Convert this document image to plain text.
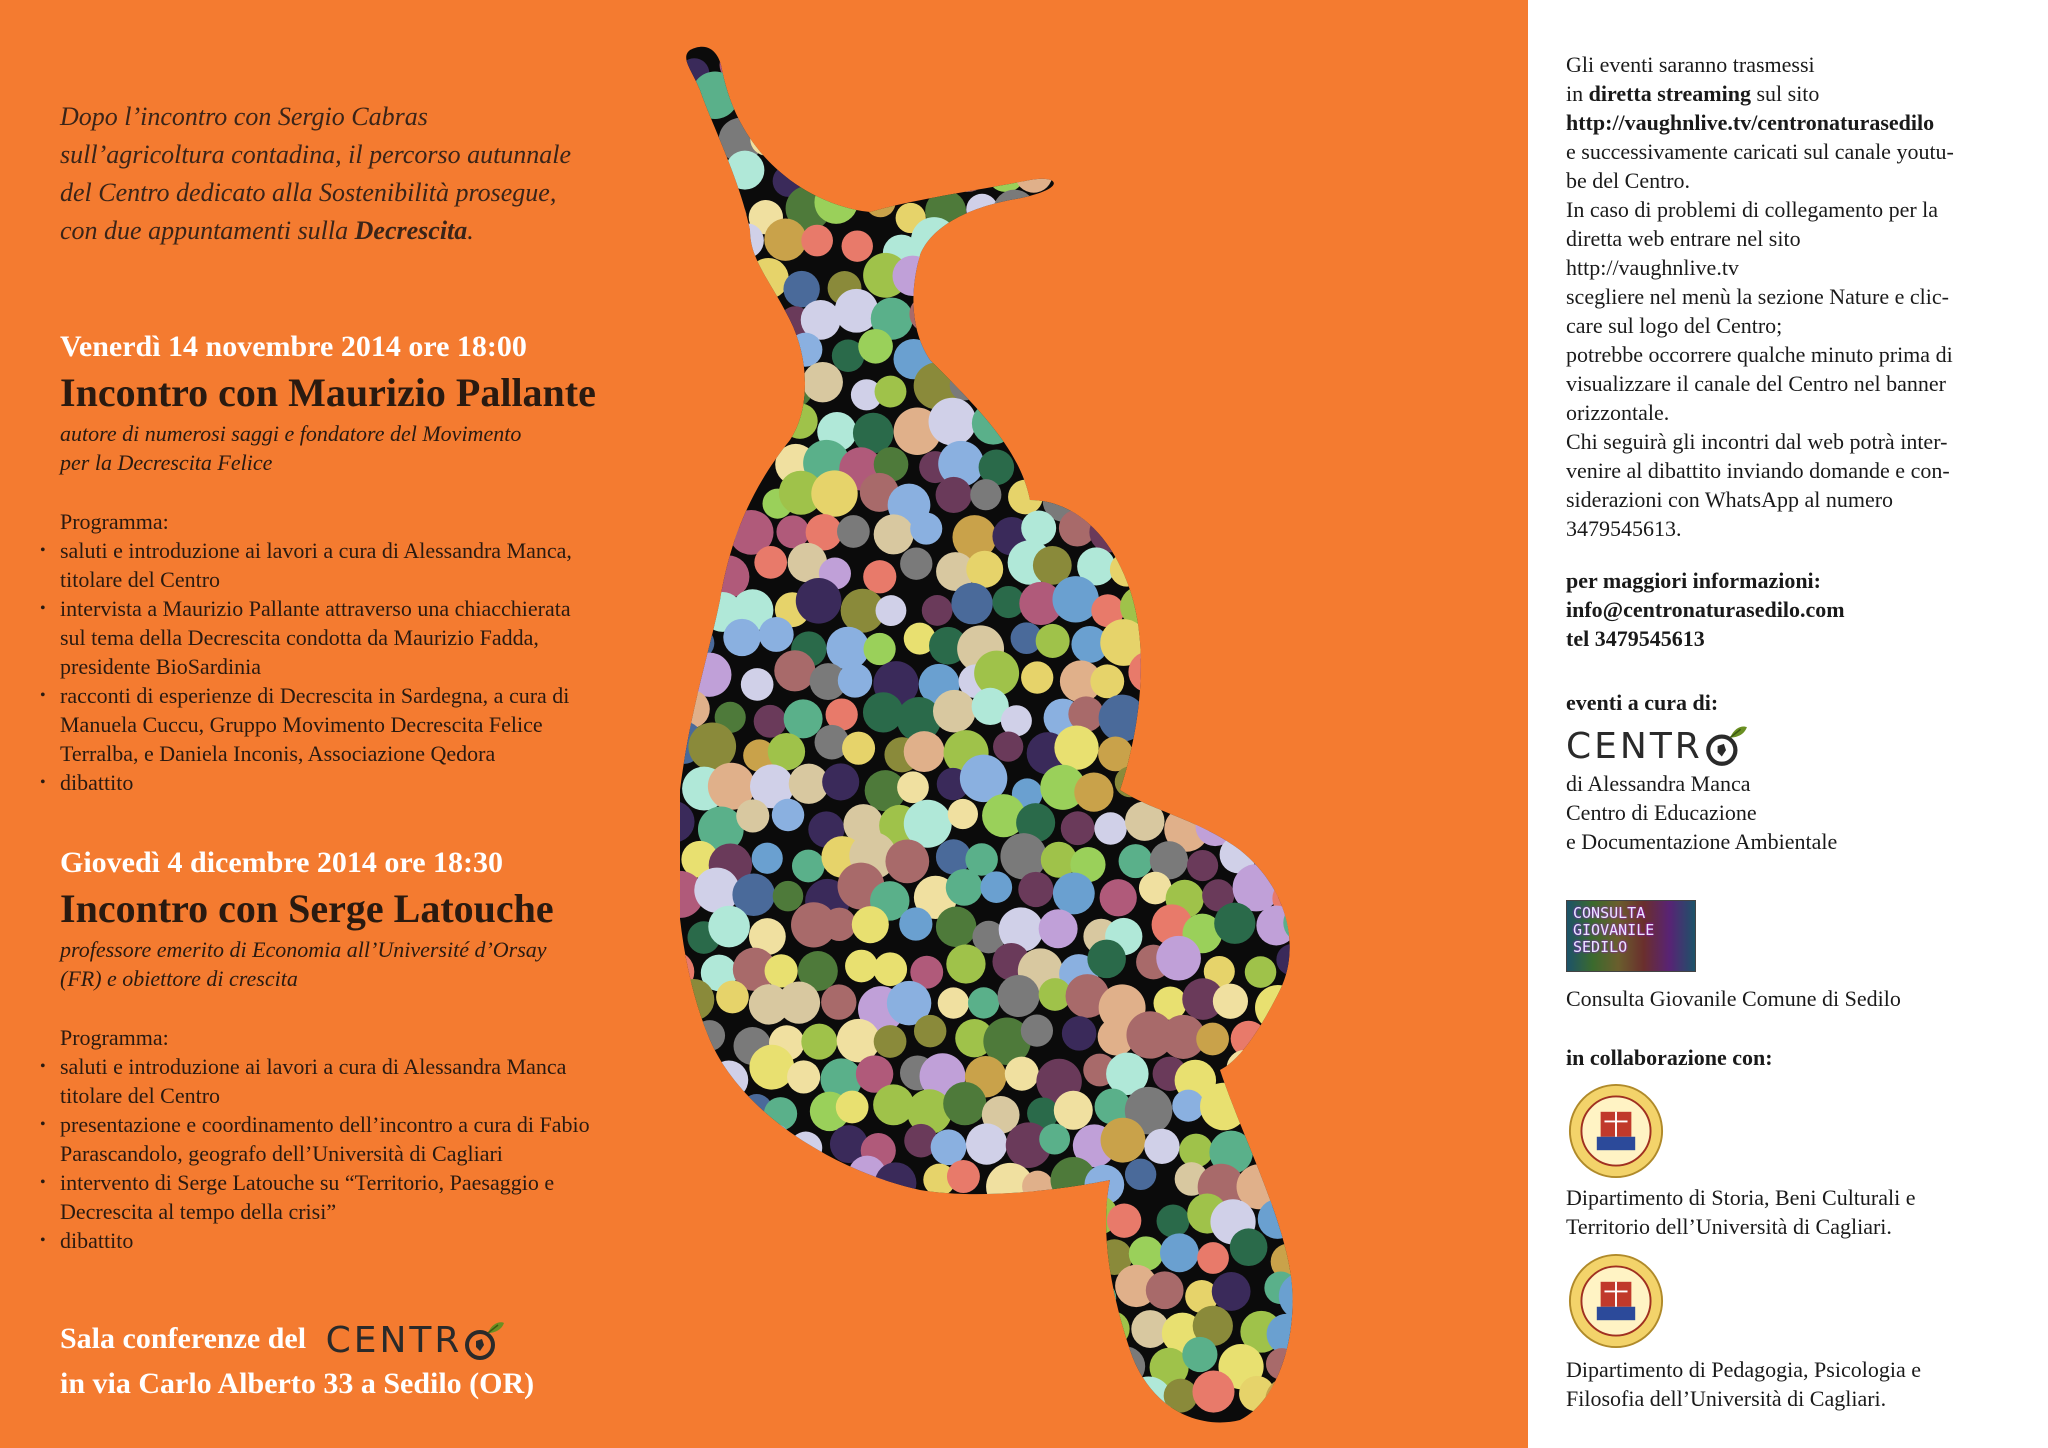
Dopo l’incontro con Sergio Cabras
sull’agricoltura contadina, il percorso autunnale
del Centro dedicato alla Sostenibilità prosegue,
con due appuntamenti sulla Decrescita.
Venerdì 14 novembre 2014 ore 18:00
Incontro con Maurizio Pallante
autore di numerosi saggi e fondatore del Movimento
per la Decrescita Felice
Programma:
• saluti e introduzione ai lavori a cura di Alessandra Manca,
titolare del Centro
• intervista a Maurizio Pallante attraverso una chiacchierata
sul tema della Decrescita condotta da Maurizio Fadda,
presidente BioSardinia
• racconti di esperienze di Decrescita in Sardegna, a cura di
Manuela Cuccu, Gruppo Movimento Decrescita Felice
Terralba, e Daniela Inconis, Associazione Qedora
• dibattito
Giovedì 4 dicembre 2014 ore 18:30
Incontro con Serge Latouche
professore emerito di Economia all’Université d’Orsay
(FR) e obiettore di crescita
Programma:
• saluti e introduzione ai lavori a cura di Alessandra Manca
titolare del Centro
• presentazione e coordinamento dell’incontro a cura di Fabio
Parascandolo, geografo dell’Università di Cagliari
• intervento di Serge Latouche su “Territorio, Paesaggio e
Decrescita al tempo della crisi”
• dibattito
Sala conferenze del CENTR
in via Carlo Alberto 33 a Sedilo (OR)
Gli eventi saranno trasmessi
in diretta streaming sul sito
http://vaughnlive.tv/centronaturasedilo
e successivamente caricati sul canale youtu-
be del Centro.
In caso di problemi di collegamento per la
diretta web entrare nel sito
http://vaughnlive.tv
scegliere nel menù la sezione Nature e clic-
care sul logo del Centro;
potrebbe occorrere qualche minuto prima di
visualizzare il canale del Centro nel banner
orizzontale.
Chi seguirà gli incontri dal web potrà inter-
venire al dibattito inviando domande e con-
siderazioni con WhatsApp al numero
3479545613.
per maggiori informazioni:
info@centronaturasedilo.com
tel 3479545613
eventi a cura di:
CENTR
di Alessandra Manca
Centro di Educazione
e Documentazione Ambientale
CONSULTA
GIOVANILE
SEDILO
Consulta Giovanile Comune di Sedilo
in collaborazione con:
Dipartimento di Storia, Beni Culturali e
Territorio dell’Università di Cagliari.
Dipartimento di Pedagogia, Psicologia e
Filosofia dell’Università di Cagliari.
